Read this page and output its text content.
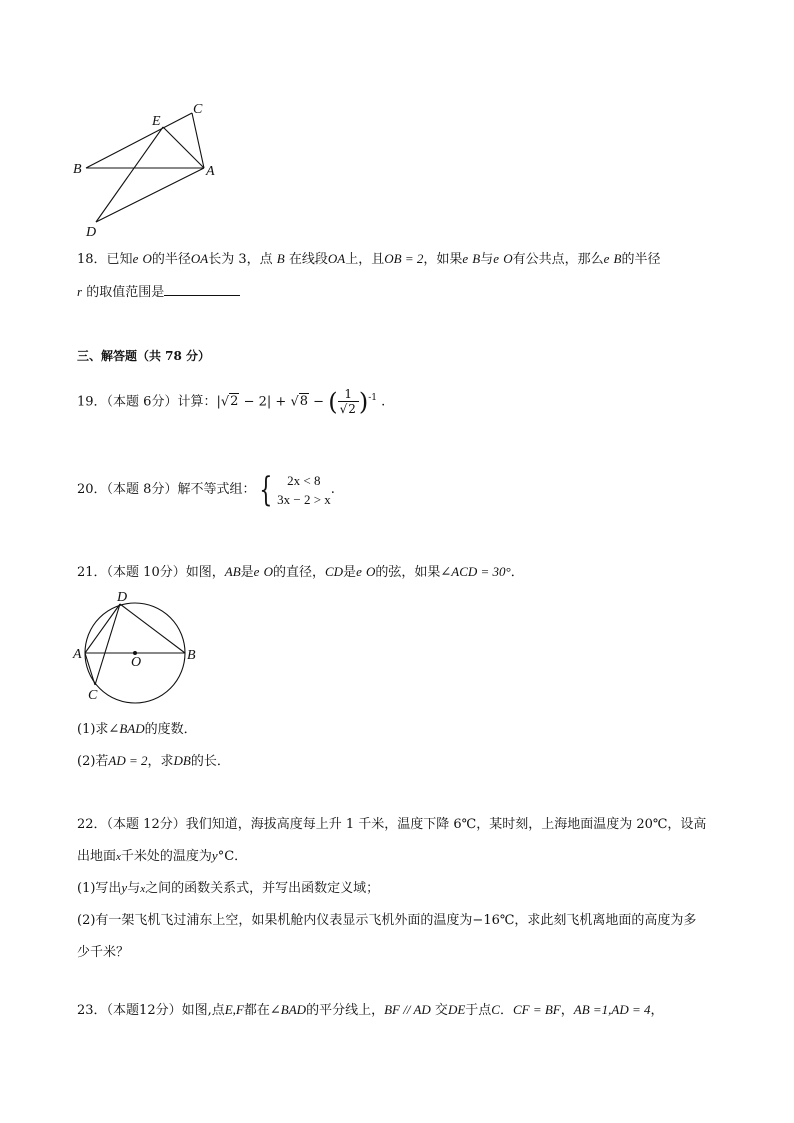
E
C
B	A
D
18．已知e O的半径OA长为 3，点 B 在线段OA上，且OB = 2，如果e B与e O有公共点，那么e B的半径
r 的取值范围是
三、解答题（共 78 分）
19．（本题 6分）计算：|√2 − 2| + √8 − ( $\frac{1}{√2} )^{-1}$ .
20．（本题 8分）解不等式组： {	2x < 8
3x − 2 > x
.
21．（本题 10分）如图，AB是e O的直径，CD是e O的弦，如果∠ACD = 30°．
D
A	B
O
C
(1)求∠BAD的度数．
(2)若AD = 2，求DB的长．
22．（本题 12分）我们知道，海拔高度每上升 1 千米，温度下降 6℃，某时刻，上海地面温度为 20℃，设高
出地面x千米处的温度为y°C．
(1)写出y与x之间的函数关系式，并写出函数定义域；
(2)有一架飞机飞过浦东上空，如果机舱内仪表显示飞机外面的温度为−16℃，求此刻飞机离地面的高度为多
少千米？
23．（本题12分）如图,点E,F都在∠BAD的平分线上，BF // AD 交DE于点C．CF = BF，AB =1,AD = 4，
